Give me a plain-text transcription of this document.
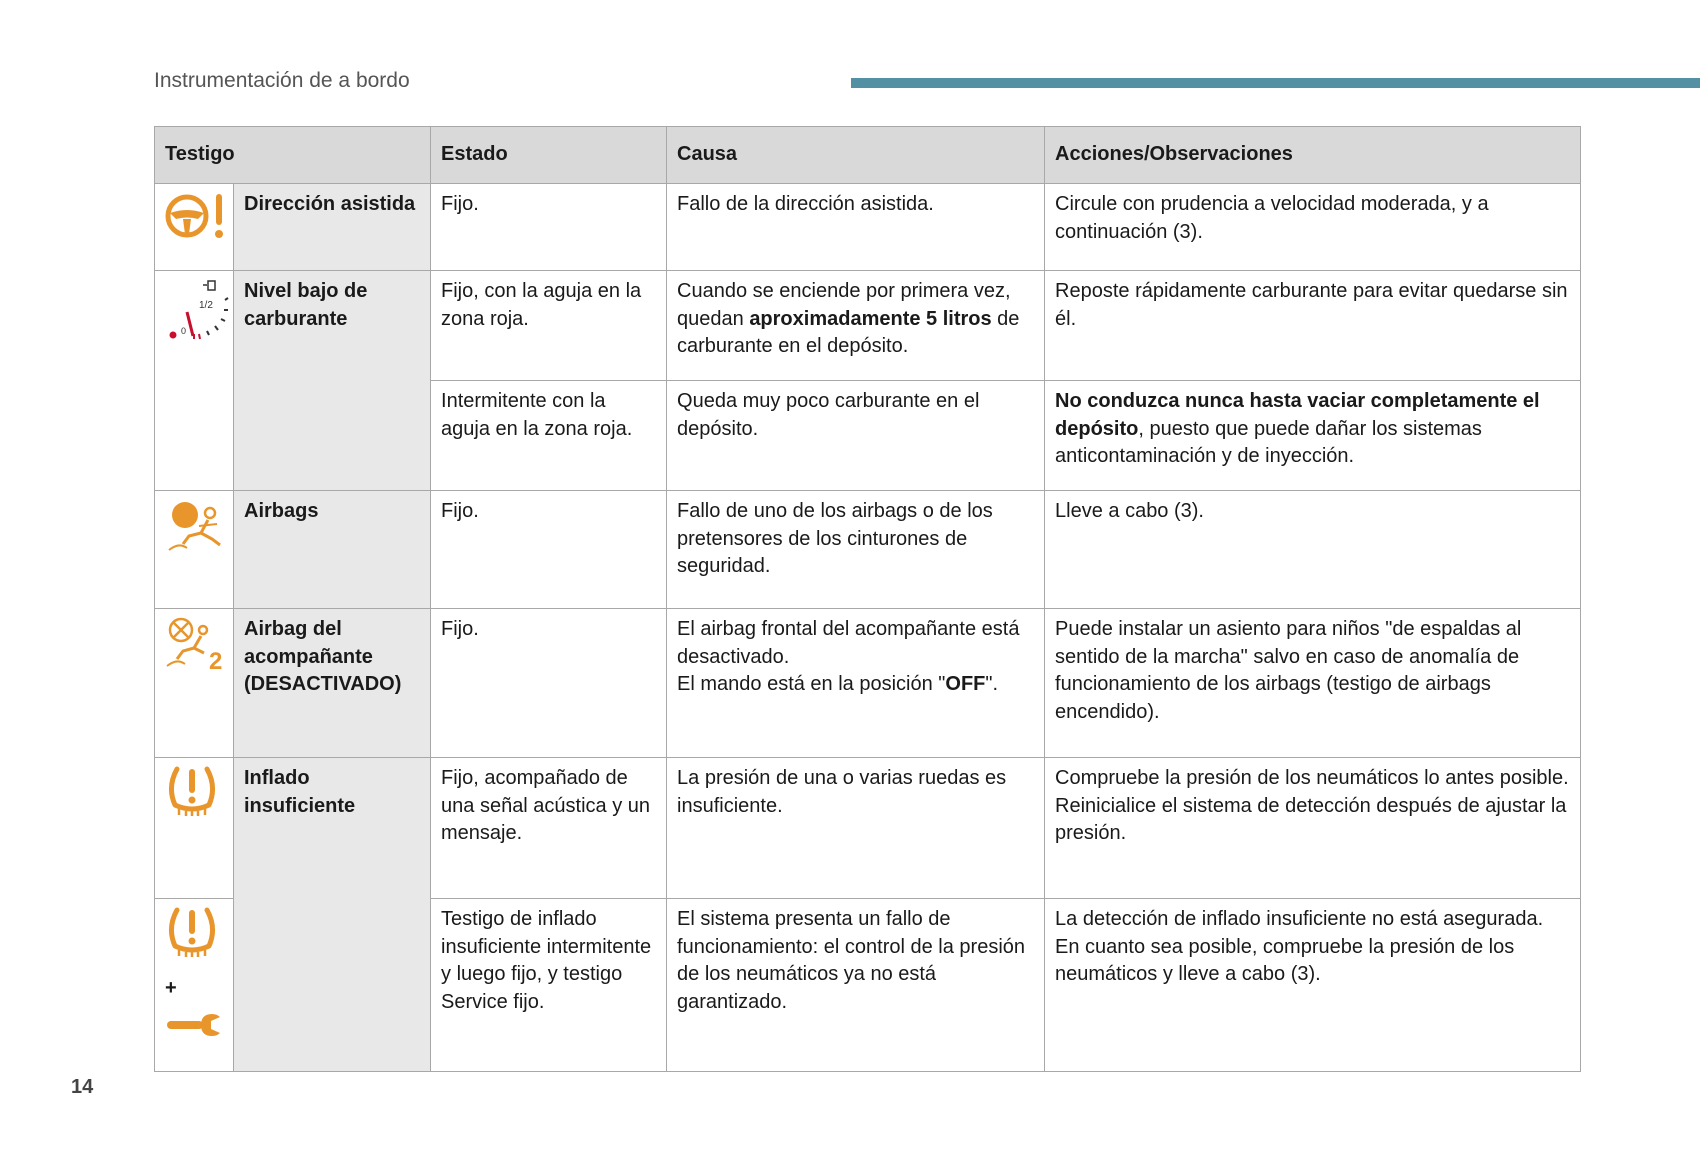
Instrumentación de a bordo
Testigo		Estado	Causa	Acciones/Observaciones
	Dirección asistida	Fijo.	Fallo de la dirección asistida.	Circule con prudencia a velocidad moderada, y a continuación (3).

1/2
0	Nivel bajo de carburante	Fijo, con la aguja en la zona roja.	Cuando se enciende por primera vez, quedan aproximadamente 5 litros de carburante en el depósito.	Reposte rápidamente carburante para evitar quedarse sin él.
		Intermitente con la aguja en la zona roja.	Queda muy poco carburante en el depósito.	No conduzca nunca hasta vaciar completamente el depósito, puesto que puede dañar los sistemas anticontaminación y de inyección.
	Airbags	Fijo.	Fallo de uno de los airbags o de los pretensores de los cinturones de seguridad.	Lleve a cabo (3).

2	Airbag del acompañante (DESACTIVADO)	Fijo.	El airbag frontal del acompañante está desactivado.
El mando está en la posición "OFF".	Puede instalar un asiento para niños "de espaldas al sentido de la marcha" salvo en caso de anomalía de funcionamiento de los airbags (testigo de airbags encendido).
	Inflado insuficiente	Fijo, acompañado de una señal acústica y un mensaje.	La presión de una o varias ruedas es insuficiente.	Compruebe la presión de los neumáticos lo antes posible.
Reinicialice el sistema de detección después de ajustar la presión.

+		Testigo de inflado insuficiente intermitente y luego fijo, y testigo Service fijo.	El sistema presenta un fallo de funcionamiento: el control de la presión de los neumáticos ya no está garantizado.	La detección de inflado insuficiente no está asegurada.
En cuanto sea posible, compruebe la presión de los neumáticos y lleve a cabo (3).
14
